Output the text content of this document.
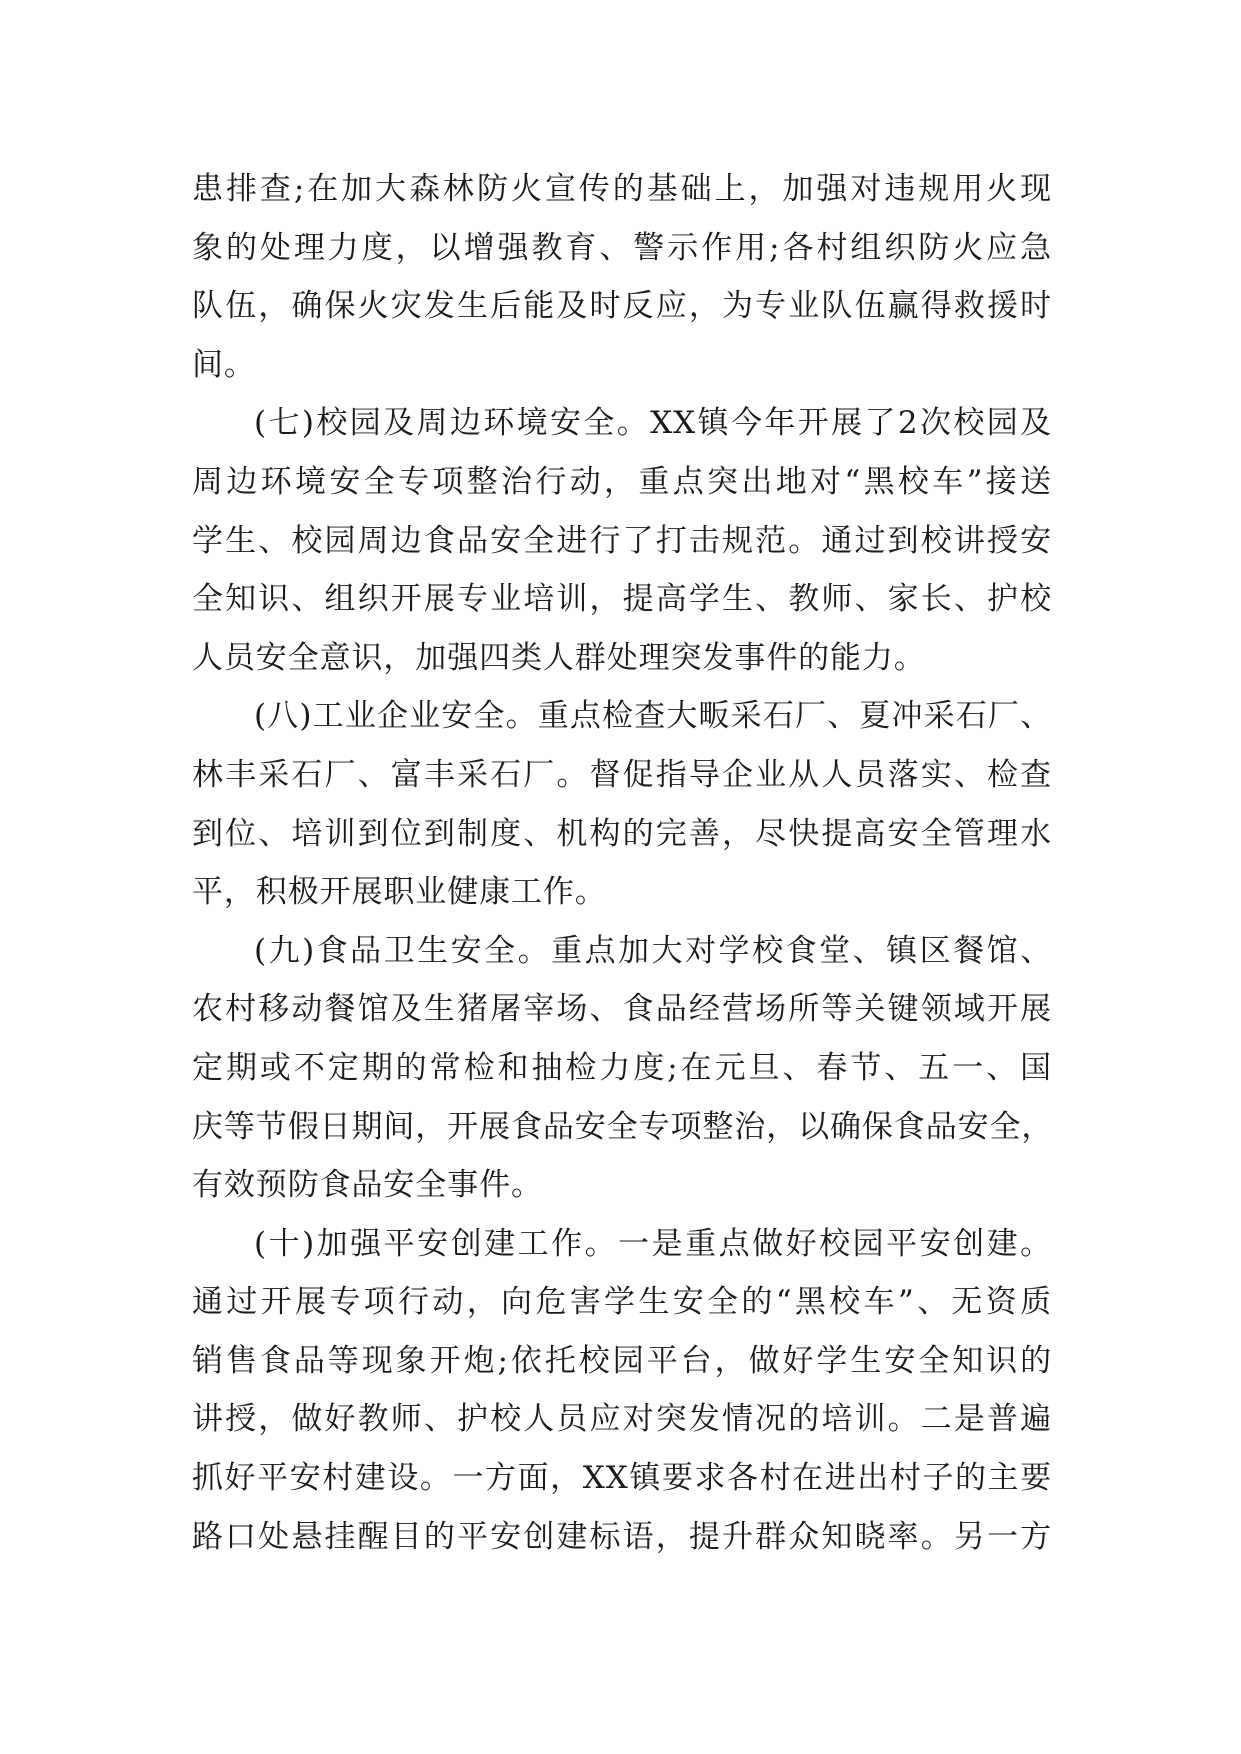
患排查;在加大森林防火宣传的基础上，加强对违规用火现
象的处理力度，以增强教育、警示作用;各村组织防火应急
队伍，确保火灾发生后能及时反应，为专业队伍赢得救援时
间。
(七)校园及周边环境安全。XX镇今年开展了2次校园及
周边环境安全专项整治行动，重点突出地对“黑校车”接送
学生、校园周边食品安全进行了打击规范。通过到校讲授安
全知识、组织开展专业培训，提高学生、教师、家长、护校
人员安全意识，加强四类人群处理突发事件的能力。
(八)工业企业安全。重点检查大畈采石厂、夏冲采石厂、
林丰采石厂、富丰采石厂。督促指导企业从人员落实、检查
到位、培训到位到制度、机构的完善，尽快提高安全管理水
平，积极开展职业健康工作。
(九)食品卫生安全。重点加大对学校食堂、镇区餐馆、
农村移动餐馆及生猪屠宰场、食品经营场所等关键领域开展
定期或不定期的常检和抽检力度;在元旦、春节、五一、国
庆等节假日期间，开展食品安全专项整治，以确保食品安全，
有效预防食品安全事件。
(十)加强平安创建工作。一是重点做好校园平安创建。
通过开展专项行动，向危害学生安全的“黑校车”、无资质
销售食品等现象开炮;依托校园平台，做好学生安全知识的
讲授，做好教师、护校人员应对突发情况的培训。二是普遍
抓好平安村建设。一方面，XX镇要求各村在进出村子的主要
路口处悬挂醒目的平安创建标语，提升群众知晓率。另一方
